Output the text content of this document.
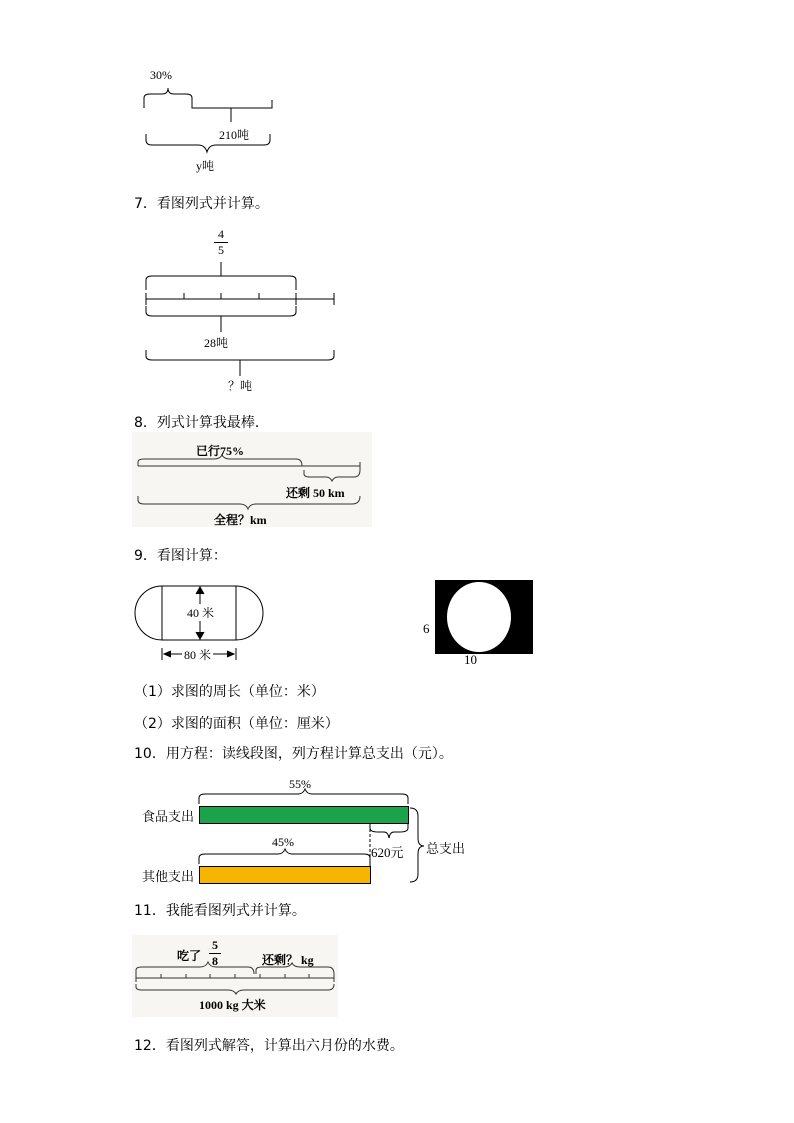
30%
210吨
y吨
7．看图列式并计算。
4
5
28吨
？吨
8．列式计算我最棒．
已行75%
还剩 50 km
全程？km
9．看图计算：
40 米
80 米
6
10
（1）求图的周长（单位：米）
（2）求图的面积（单位：厘米）
10．用方程：读线段图，列方程计算总支出（元）。
55%
45%
食品支出
其他支出
620元 总支出
11．我能看图列式并计算。
吃了
5
8	还剩？ kg
1000 kg 大米
12．看图列式解答，计算出六月份的水费。
